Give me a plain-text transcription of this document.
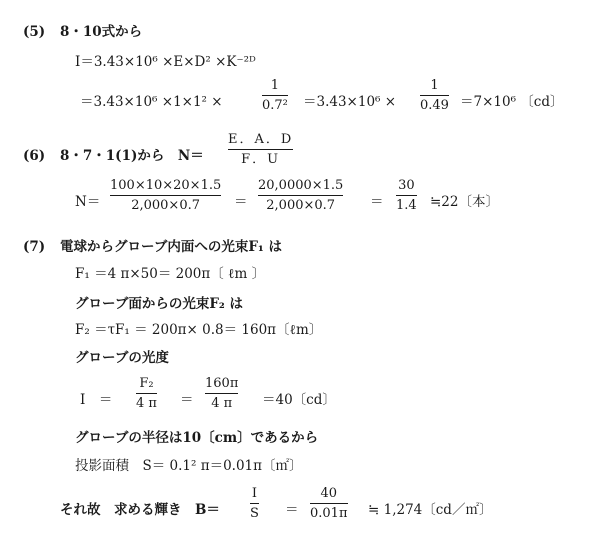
(5) 8・10式から
I＝3.43×10⁶ ×E×D² ×K⁻²ᴰ
＝3.43×10⁶ ×1×1² ×
1
0.7² ＝3.43×10⁶ ×
1
0.49 ＝7×10⁶ 〔cd〕
(6) 8・7・1(1)から　N＝
E．A．D
F．U
N＝
100×10×20×1.5
2,000×0.7	＝
20,0000×1.5
2,000×0.7	＝
30
1.4 ≒22〔本〕
(7) 電球からグローブ内面への光束F₁ は
F₁ ＝4 π×50＝ 200π〔 ℓm 〕
グローブ面からの光束F₂ は
F₂ ＝τF₁ ＝ 200π× 0.8＝ 160π〔ℓm〕
グローブの光度
I　＝
F₂
4 π ＝
160π
4 π ＝40〔cd〕
グローブの半径は10〔cm〕であるから
投影面積　S＝ 0.1² π＝0.01π〔㎡〕
それ故　求める輝き　B＝
I
S ＝
40
0.01π ≒ 1,274〔cd／㎡〕
